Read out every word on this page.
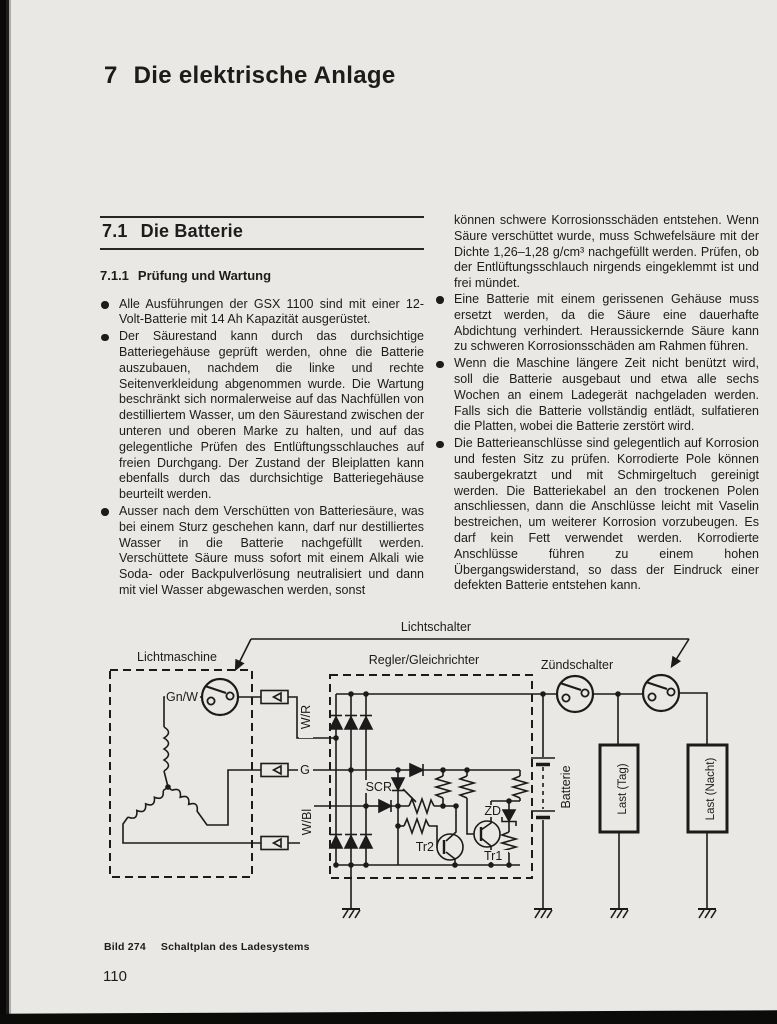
7 Die elektrische Anlage
7.1 Die Batterie
7.1.1 Prüfung und Wartung
Alle Ausführungen der GSX 1100 sind mit einer 12-Volt-Batterie mit 14 Ah Kapazität ausgerüstet.
Der Säurestand kann durch das durchsichtige Batteriegehäuse geprüft werden, ohne die Batterie auszubauen, nachdem die linke und rechte Seitenverkleidung abgenommen wurde. Die Wartung beschränkt sich normalerweise auf das Nachfüllen von destilliertem Wasser, um den Säurestand zwischen der unteren und oberen Marke zu halten, und auf das gelegentliche Prüfen des Entlüftungsschlauches auf freien Durchgang. Der Zustand der Bleiplatten kann ebenfalls durch das durchsichtige Batteriegehäuse beurteilt werden.
Ausser nach dem Verschütten von Batteriesäure, was bei einem Sturz geschehen kann, darf nur destilliertes Wasser in die Batterie nachgefüllt werden. Verschüttete Säure muss sofort mit einem Alkali wie Soda- oder Backpulverlösung neutralisiert und dann mit viel Wasser abgewaschen werden, sonst

können schwere Korrosionsschäden entstehen. Wenn Säure verschüttet wurde, muss Schwefelsäure mit der Dichte 1,26–1,28 g/cm³ nachgefüllt werden. Prüfen, ob der Entlüftungsschlauch nirgends eingeklemmt ist und frei mündet.

Eine Batterie mit einem gerissenen Gehäuse muss ersetzt werden, da die Säure eine dauerhafte Abdichtung verhindert. Heraussickernde Säure kann zu schweren Korrosionsschäden am Rahmen führen.
Wenn die Maschine längere Zeit nicht benützt wird, soll die Batterie ausgebaut und etwa alle sechs Wochen an einem Ladegerät nachgeladen werden. Falls sich die Batterie vollständig entlädt, sulfatieren die Platten, wobei die Batterie zerstört wird.
Die Batterieanschlüsse sind gelegentlich auf Korrosion und festen Sitz zu prüfen. Korrodierte Pole können saubergekratzt und mit Schmirgeltuch gereinigt werden. Die Batteriekabel an den trockenen Polen anschliessen, dann die Anschlüsse leicht mit Vaselin bestreichen, um weiterer Korrosion vorzubeugen. Es darf kein Fett verwendet werden. Korrodierte Anschlüsse führen zu einem hohen Übergangswiderstand, so dass der Eindruck einer defekten Batterie entstehen kann.
Lichtschalter
Lichtmaschine	Regler/Gleichrichter	Zündschalter
Gn/W
W/R
G
W/Bl
SCR
Tr2
Tr1
ZD
Batterie	Last (Tag)	Last (Nacht)
Bild 274 Schaltplan des Ladesystems
110
